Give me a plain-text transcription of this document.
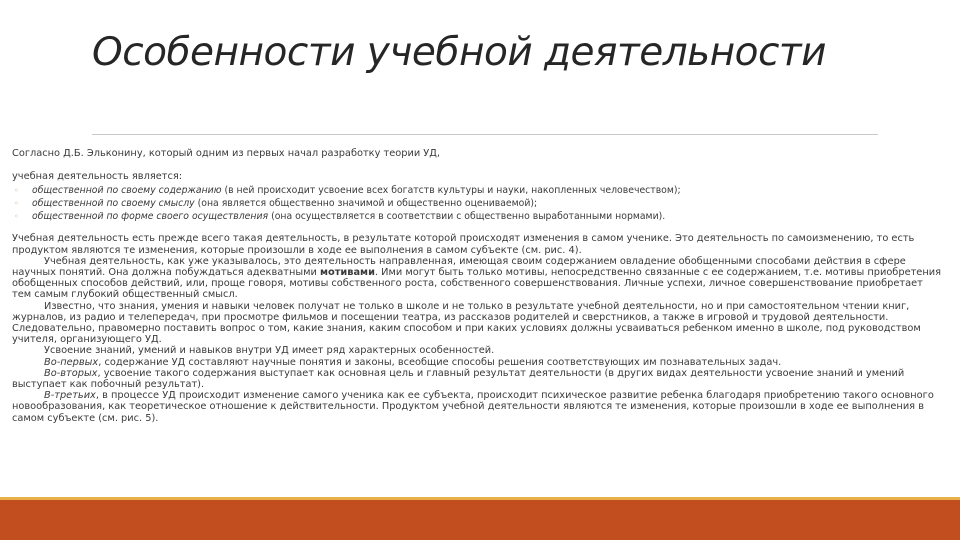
Особенности учебной деятельности

Согласно Д.Б. Эльконину, который одним из первых начал разработку теории УД,

учебная деятельность является:

◦ общественной по своему содержанию (в ней происходит усвоение всех богатств культуры и науки, накопленных человечеством);
◦ общественной по своему смыслу (она является общественно значимой и общественно оцениваемой);
◦ общественной по форме своего осуществления (она осуществляется в соответствии с общественно выработанными нормами).

Учебная деятельность есть прежде всего такая деятельность, в результате которой происходят изменения в самом ученике. Это деятельность по самоизменению, то есть продуктом являются те изменения, которые произошли в ходе ее выполнения в самом субъекте (см. рис. 4).

Учебная деятельность, как уже указывалось, это деятельность направленная, имеющая своим содержанием овладение обобщенными способами действия в сфере научных понятий. Она должна побуждаться адекватными мотивами. Ими могут быть только мотивы, непосредственно связанные с ее содержанием, т.е. мотивы приобретения обобщенных способов действий, или, проще говоря, мотивы собственного роста, собственного совершенствования. Личные успехи, личное совершенствование приобретает тем самым глубокий общественный смысл.

Известно, что знания, умения и навыки человек получат не только в школе и не только в результате учебной деятельности, но и при самостоятельном чтении книг, журналов, из радио и телепередач, при просмотре фильмов и посещении театра, из рассказов родителей и сверстников, а также в игровой и трудовой деятельности. Следовательно, правомерно поставить вопрос о том, какие знания, каким способом и при каких условиях должны усваиваться ребенком именно в школе, под руководством учителя, организующего УД.

Усвоение знаний, умений и навыков внутри УД имеет ряд характерных особенностей.

Во-первых, содержание УД составляют научные понятия и законы, всеобщие способы решения соответствующих им познавательных задач.

Во-вторых, усвоение такого содержания выступает как основная цель и главный результат деятельности (в других видах деятельности усвоение знаний и умений выступает как побочный результат).

В-третьих, в процессе УД происходит изменение самого ученика как ее субъекта, происходит психическое развитие ребенка благодаря приобретению такого основного новообразования, как теоретическое отношение к действительности. Продуктом учебной деятельности являются те изменения, которые произошли в ходе ее выполнения в самом субъекте (см. рис. 5).
